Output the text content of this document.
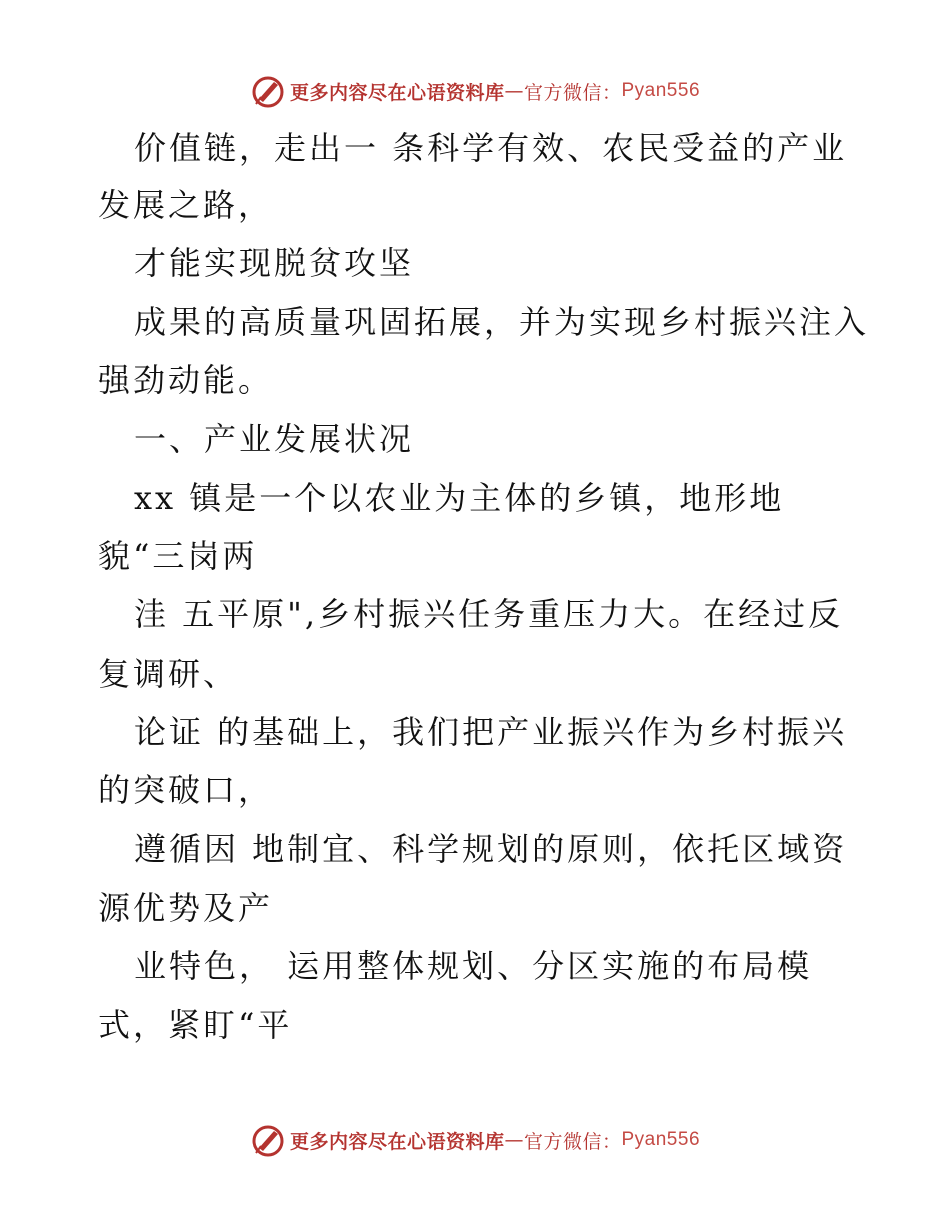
更多内容尽在心语资料库 — 官方微信： Pyan556
价值链，走出一 条科学有效、农民受益的产业
发展之路，
才能实现脱贫攻坚
成果的高质量巩固拓展，并为实现乡村振兴注入
强劲动能。
一、产业发展状况
xx 镇是一个以农业为主体的乡镇，地形地
貌“三岗两
洼 五平原",乡村振兴任务重压力大。在经过反
复调研、
论证 的基础上，我们把产业振兴作为乡村振兴
的突破口，
遵循因 地制宜、科学规划的原则，依托区域资
源优势及产
业特色， 运用整体规划、分区实施的布局模
式，紧盯“平
更多内容尽在心语资料库 — 官方微信： Pyan556
